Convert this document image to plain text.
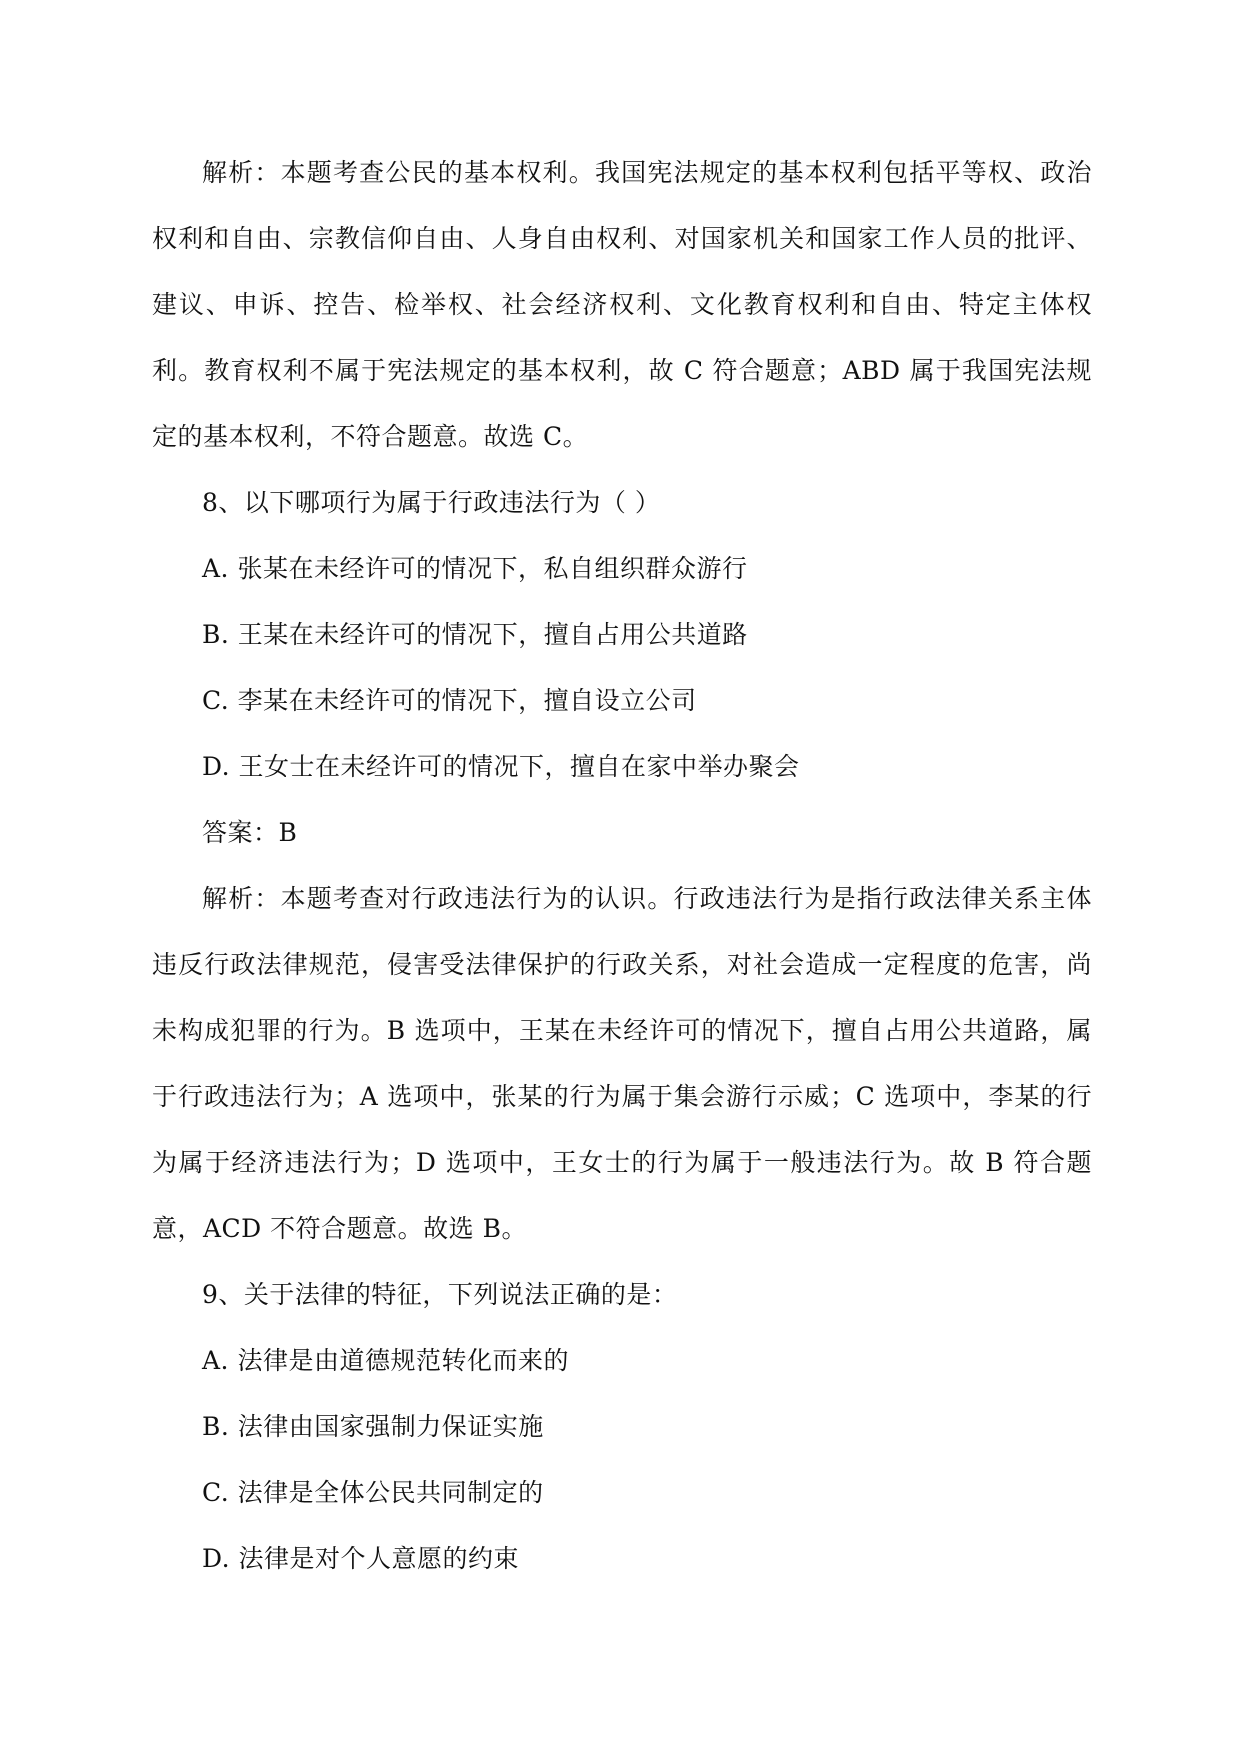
解析：本题考查公民的基本权利。我国宪法规定的基本权利包括平等权、政治权利和自由、宗教信仰自由、人身自由权利、对国家机关和国家工作人员的批评、建议、申诉、控告、检举权、社会经济权利、文化教育权利和自由、特定主体权利。教育权利不属于宪法规定的基本权利，故 C 符合题意；ABD 属于我国宪法规定的基本权利，不符合题意。故选 C。

8、以下哪项行为属于行政违法行为（ ）

A. 张某在未经许可的情况下，私自组织群众游行

B. 王某在未经许可的情况下，擅自占用公共道路

C. 李某在未经许可的情况下，擅自设立公司

D. 王女士在未经许可的情况下，擅自在家中举办聚会

答案：B

解析：本题考查对行政违法行为的认识。行政违法行为是指行政法律关系主体违反行政法律规范，侵害受法律保护的行政关系，对社会造成一定程度的危害，尚未构成犯罪的行为。B 选项中，王某在未经许可的情况下，擅自占用公共道路，属于行政违法行为；A 选项中，张某的行为属于集会游行示威；C 选项中，李某的行为属于经济违法行为；D 选项中，王女士的行为属于一般违法行为。故 B 符合题意，ACD 不符合题意。故选 B。

9、关于法律的特征，下列说法正确的是：

A. 法律是由道德规范转化而来的

B. 法律由国家强制力保证实施

C. 法律是全体公民共同制定的

D. 法律是对个人意愿的约束
